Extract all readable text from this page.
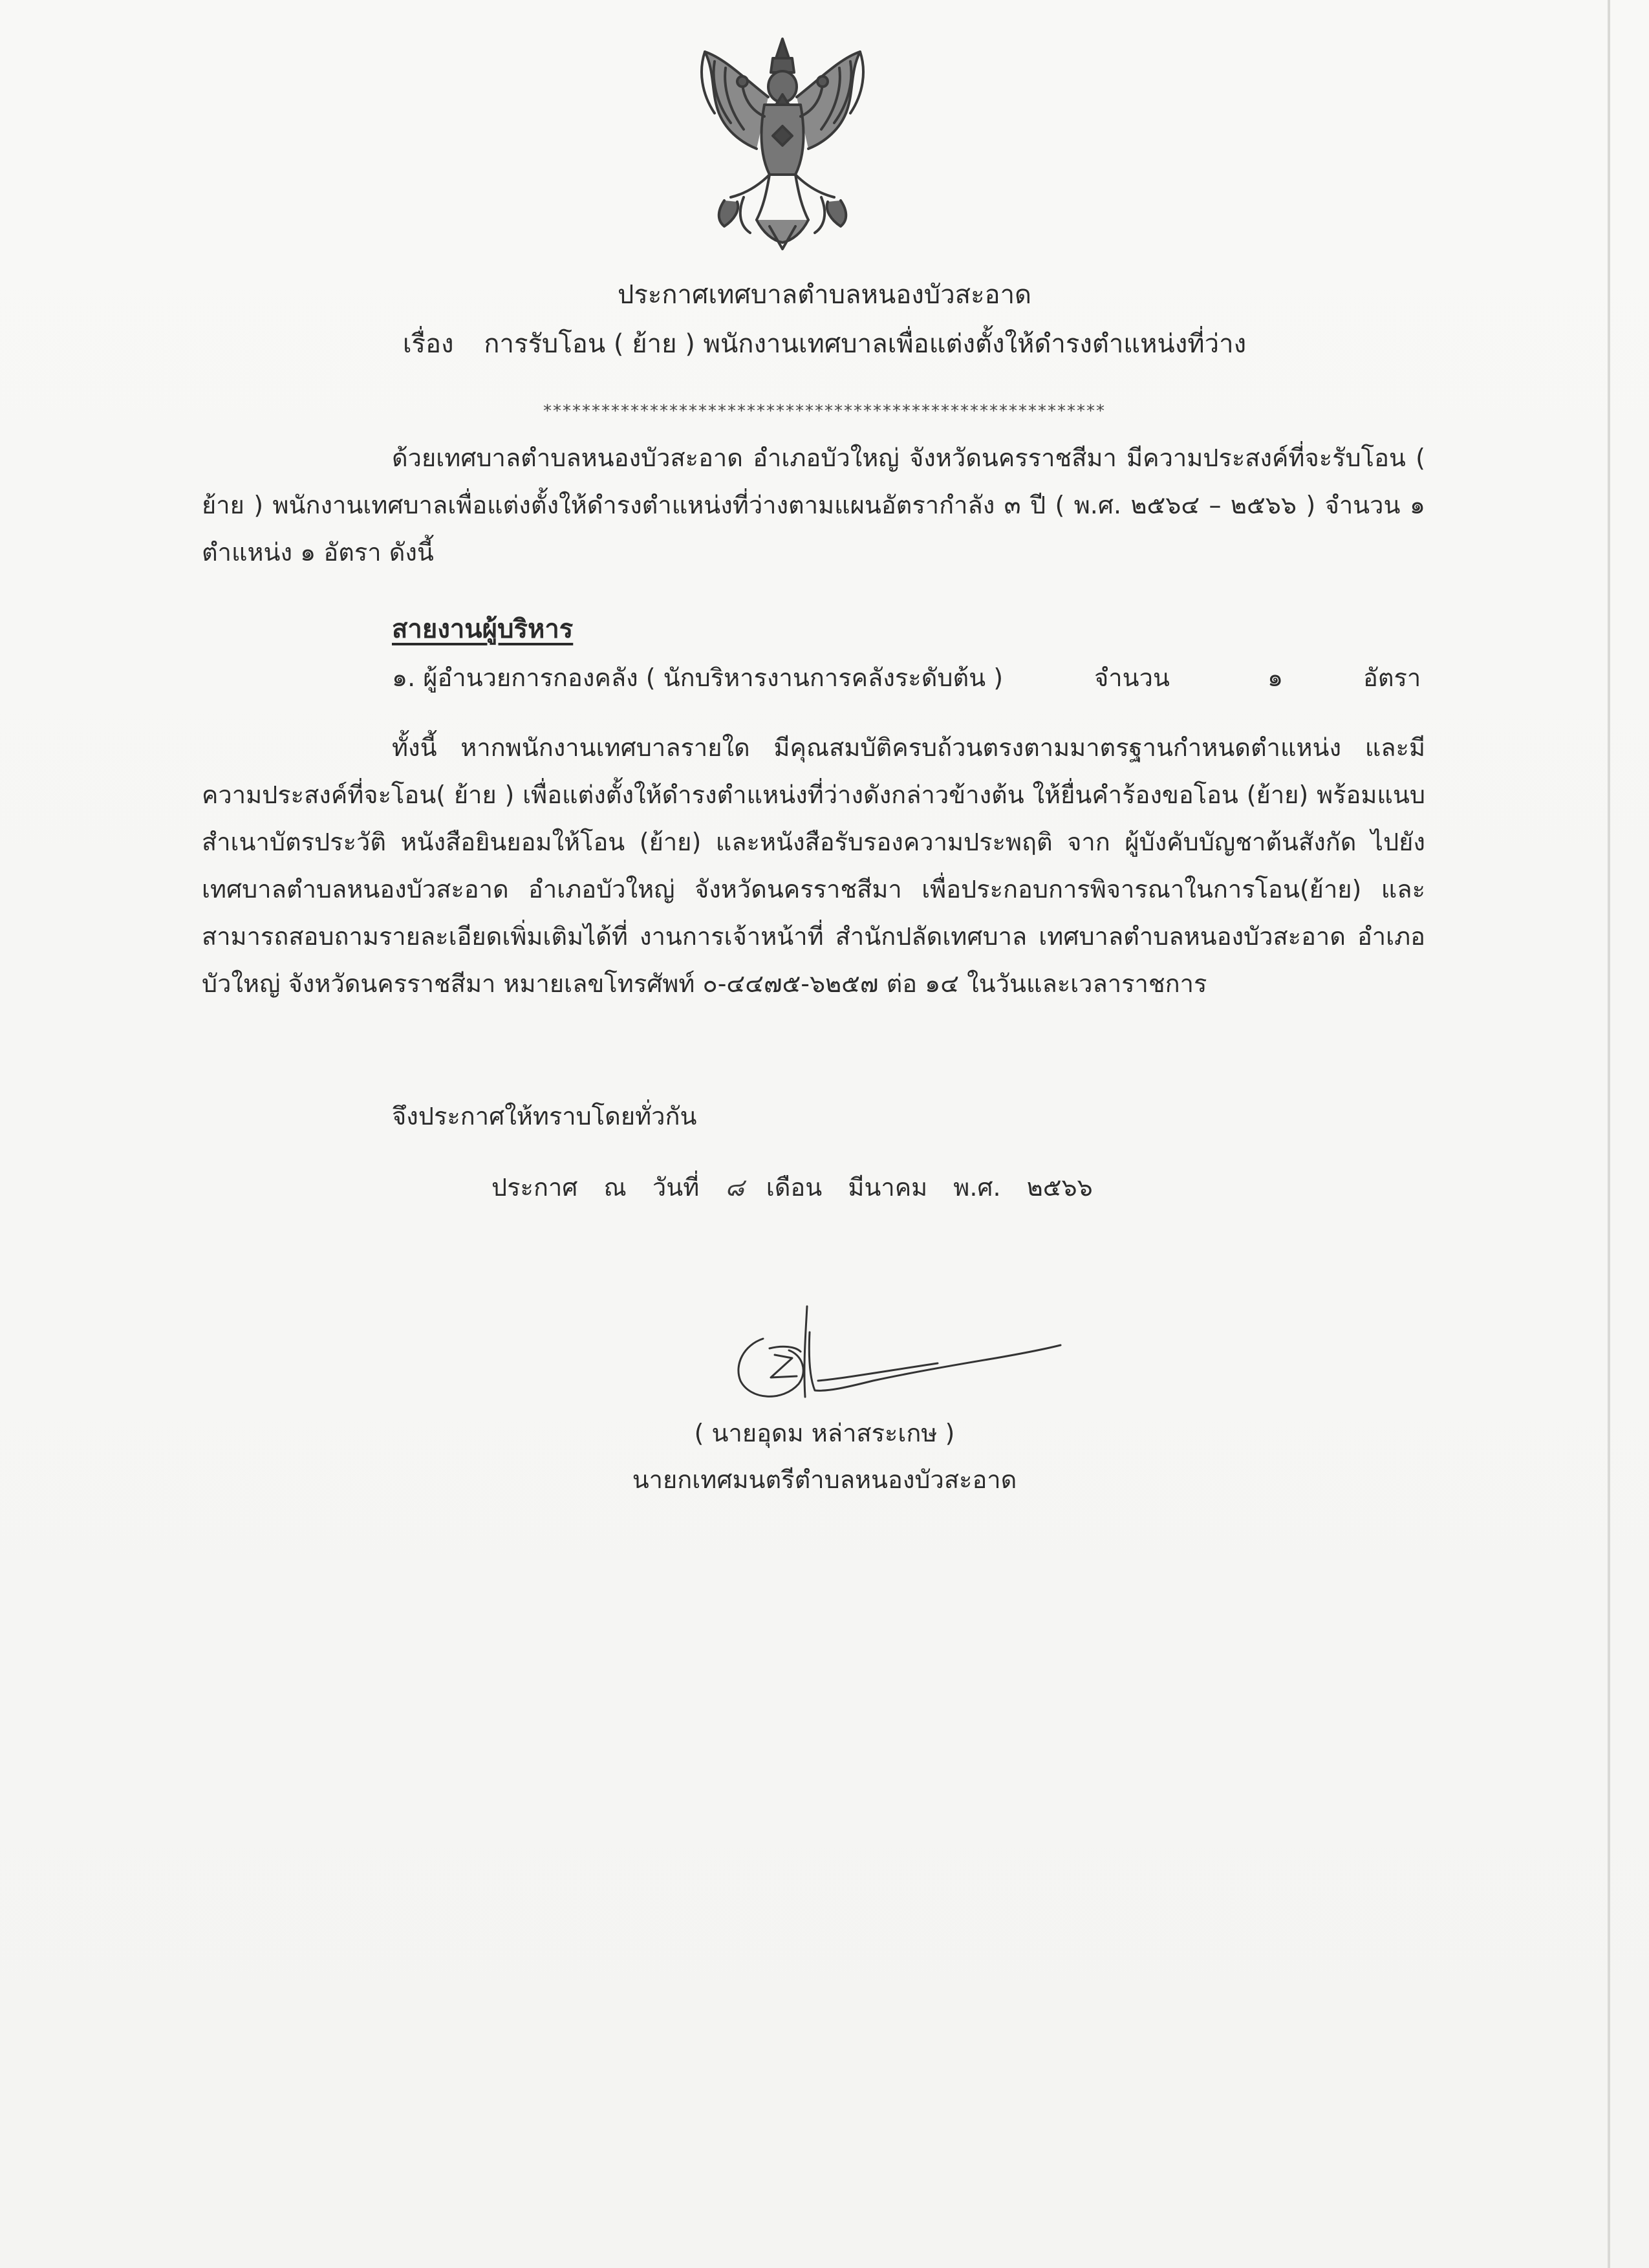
ประกาศเทศบาลตำบลหนองบัวสะอาด
เรื่อง การรับโอน ( ย้าย ) พนักงานเทศบาลเพื่อแต่งตั้งให้ดำรงตำแหน่งที่ว่าง
**********************************************************
ด้วยเทศบาลตำบลหนองบัวสะอาด อำเภอบัวใหญ่ จังหวัดนครราชสีมา มีความประสงค์ที่จะรับโอน ( ย้าย ) พนักงานเทศบาลเพื่อแต่งตั้งให้ดำรงตำแหน่งที่ว่างตามแผนอัตรากำลัง ๓ ปี ( พ.ศ. ๒๕๖๔ – ๒๕๖๖ ) จำนวน ๑ ตำแหน่ง ๑ อัตรา ดังนี้
สายงานผู้บริหาร
๑. ผู้อำนวยการกองคลัง ( นักบริหารงานการคลังระดับต้น )	จำนวน	๑	อัตรา
ทั้งนี้ หากพนักงานเทศบาลรายใด มีคุณสมบัติครบถ้วนตรงตามมาตรฐานกำหนดตำแหน่ง และมีความประสงค์ที่จะโอน( ย้าย ) เพื่อแต่งตั้งให้ดำรงตำแหน่งที่ว่างดังกล่าวข้างต้น ให้ยื่นคำร้องขอโอน (ย้าย) พร้อมแนบสำเนาบัตรประวัติ หนังสือยินยอมให้โอน (ย้าย) และหนังสือรับรองความประพฤติ จาก ผู้บังคับบัญชาต้นสังกัด ไปยังเทศบาลตำบลหนองบัวสะอาด อำเภอบัวใหญ่ จังหวัดนครราชสีมา เพื่อประกอบการพิจารณาในการโอน(ย้าย) และสามารถสอบถามรายละเอียดเพิ่มเติมได้ที่ งานการเจ้าหน้าที่ สำนักปลัดเทศบาล เทศบาลตำบลหนองบัวสะอาด อำเภอบัวใหญ่ จังหวัดนครราชสีมา หมายเลขโทรศัพท์ ๐-๔๔๗๕-๖๒๕๗ ต่อ ๑๔ ในวันและเวลาราชการ
จึงประกาศให้ทราบโดยทั่วกัน
ประกาศ ณ วันที่ ๘ เดือน มีนาคม พ.ศ. ๒๕๖๖
( นายอุดม หล่าสระเกษ )
นายกเทศมนตรีตำบลหนองบัวสะอาด
